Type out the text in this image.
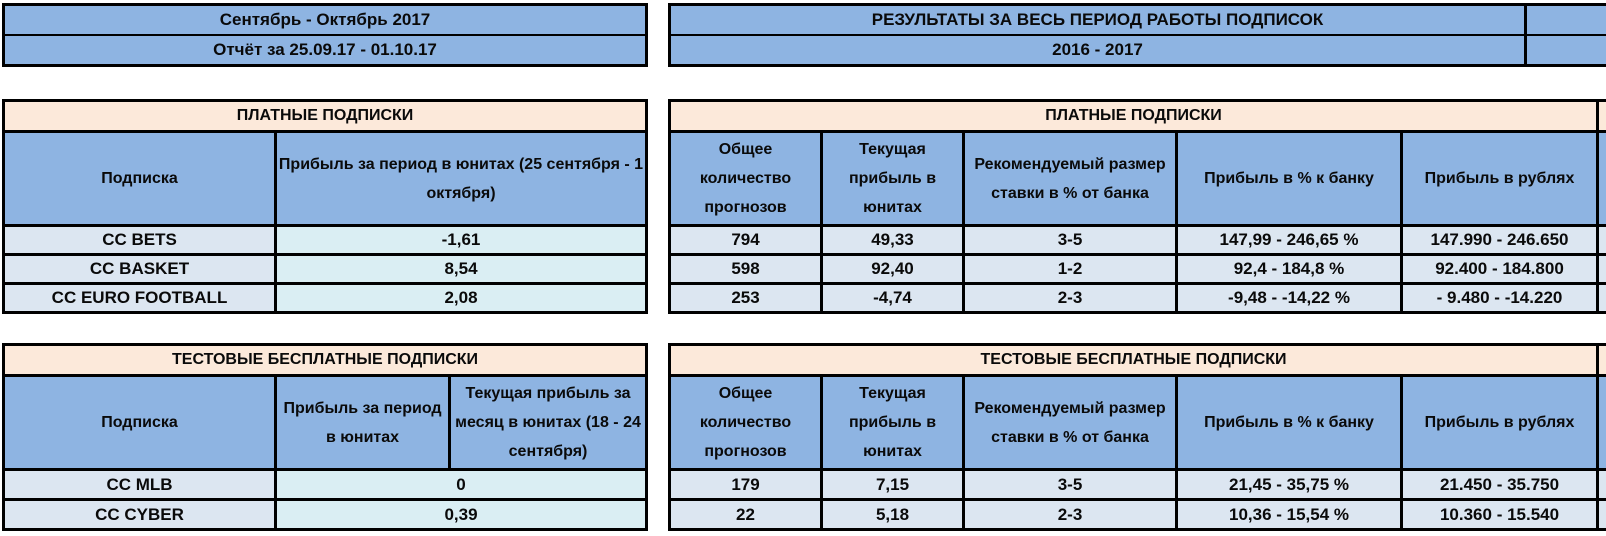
Сентябрь - Октябрь 2017
Отчёт за 25.09.17 - 01.10.17
РЕЗУЛЬТАТЫ ЗА ВЕСЬ ПЕРИОД РАБОТЫ ПОДПИСОК	
2016 - 2017	
ПЛАТНЫЕ ПОДПИСКИ	
Подписка	Прибыль за период в юнитах (25 сентября - 1 октября)
CC BETS	-1,61
CC BASKET	8,54
CC EURO FOOTBALL	2,08
ПЛАТНЫЕ ПОДПИСКИ					
Общее количество прогнозов	Текущая прибыль в юнитах	Рекомендуемый размер ставки в % от банка	Прибыль в % к банку	Прибыль в рублях	
794	49,33	3-5	147,99 - 246,65 %	147.990 - 246.650	
598	92,40	1-2	92,4 - 184,8 %	92.400 - 184.800	
253	-4,74	2-3	-9,48 - -14,22 %	- 9.480 - -14.220	
ТЕСТОВЫЕ БЕСПЛАТНЫЕ ПОДПИСКИ		
Подписка	Прибыль за период в юнитах	Текущая прибыль за месяц в юнитах (18 - 24 сентября)
CC MLB	0	
CC CYBER	0,39	
ТЕСТОВЫЕ БЕСПЛАТНЫЕ ПОДПИСКИ					
Общее количество прогнозов	Текущая прибыль в юнитах	Рекомендуемый размер ставки в % от банка	Прибыль в % к банку	Прибыль в рублях	
179	7,15	3-5	21,45 - 35,75 %	21.450 - 35.750	
22	5,18	2-3	10,36 - 15,54 %	10.360 - 15.540	
